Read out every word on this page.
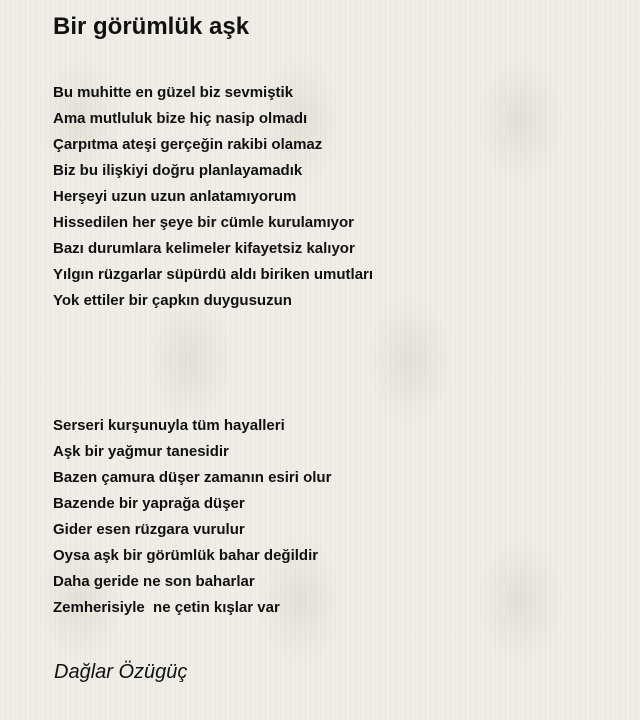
Bir görümlük aşk
Bu muhitte en güzel biz sevmiştik
Ama mutluluk bize hiç nasip olmadı
Çarpıtma ateşi gerçeğin rakibi olamaz
Biz bu ilişkiyi doğru planlayamadık
Herşeyi uzun uzun anlatamıyorum
Hissedilen her şeye bir cümle kurulamıyor
Bazı durumlara kelimeler kifayetsiz kalıyor
Yılgın rüzgarlar süpürdü aldı biriken umutları
Yok ettiler bir çapkın duygusuzun
Serseri kurşunuyla tüm hayalleri
Aşk bir yağmur tanesidir
Bazen çamura düşer zamanın esiri olur
Bazende bir yaprağa düşer
Gider esen rüzgara vurulur
Oysa aşk bir görümlük bahar değildir
Daha geride ne son baharlar
Zemherisiyle  ne çetin kışlar var
Dağlar Özügüç
